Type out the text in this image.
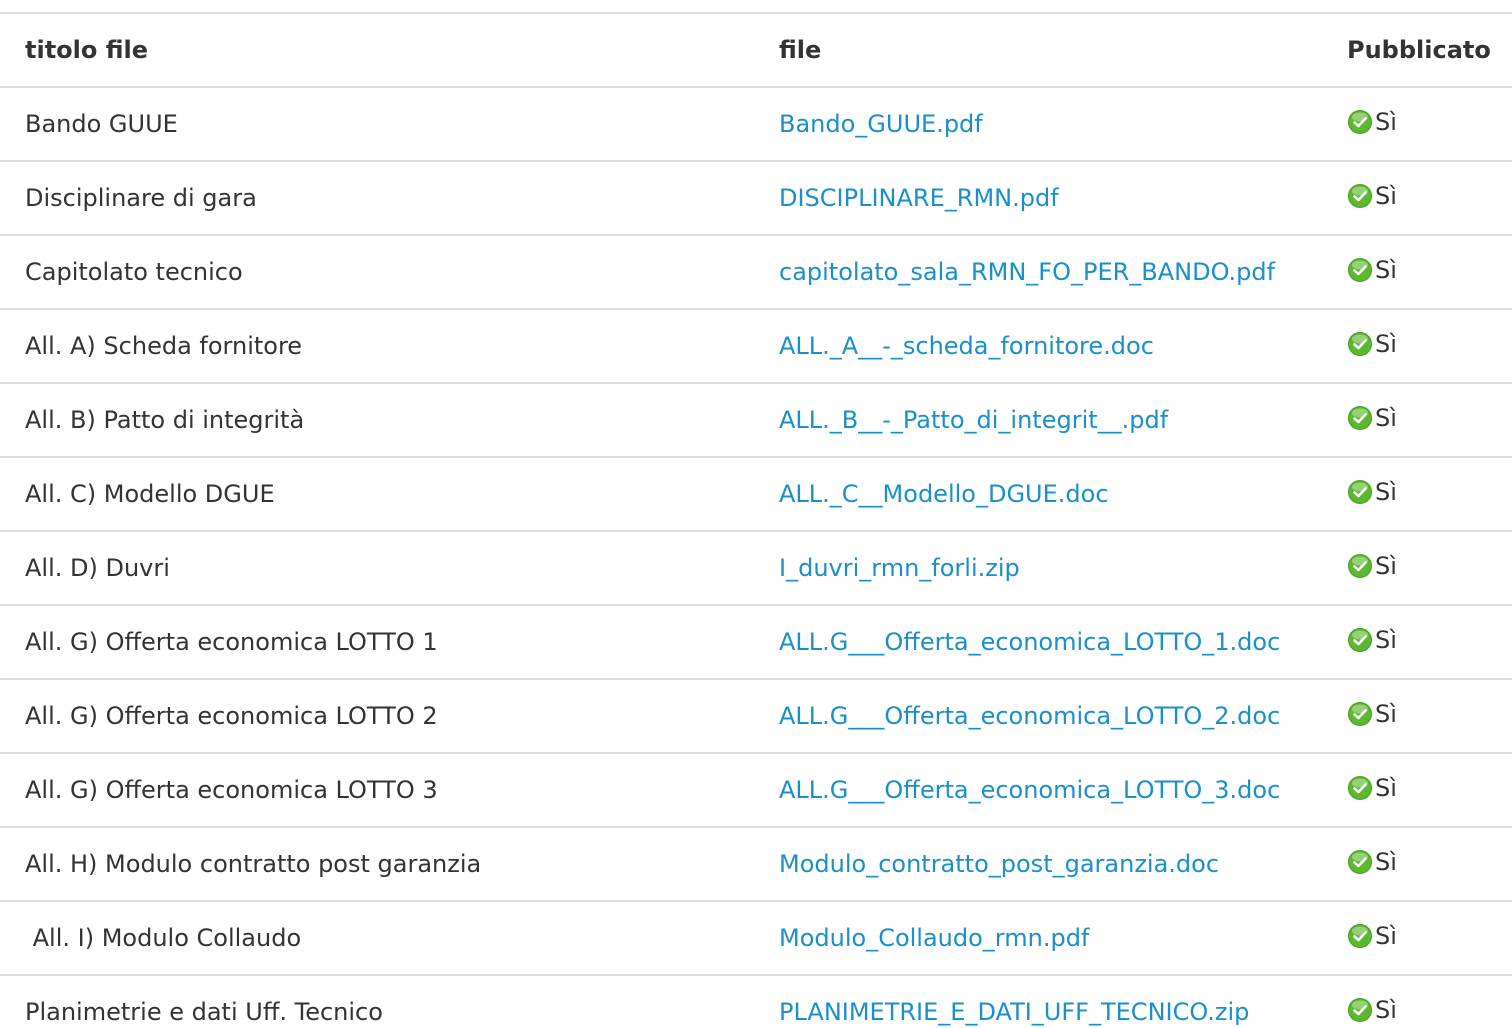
titolo file	file	Pubblicato
Bando GUUE	Bando_GUUE.pdf	Sì

Disciplinare di gara	DISCIPLINARE_RMN.pdf	Sì

Capitolato tecnico	capitolato_sala_RMN_FO_PER_BANDO.pdf	Sì

All. A) Scheda fornitore	ALL._A__-_scheda_fornitore.doc	Sì

All. B) Patto di integrità	ALL._B__-_Patto_di_integrit__.pdf	Sì

All. C) Modello DGUE	ALL._C__Modello_DGUE.doc	Sì

All. D) Duvri	I_duvri_rmn_forli.zip	Sì

All. G) Offerta economica LOTTO 1	ALL.G___Offerta_economica_LOTTO_1.doc	Sì

All. G) Offerta economica LOTTO 2	ALL.G___Offerta_economica_LOTTO_2.doc	Sì

All. G) Offerta economica LOTTO 3	ALL.G___Offerta_economica_LOTTO_3.doc	Sì

All. H) Modulo contratto post garanzia	Modulo_contratto_post_garanzia.doc	Sì

All. I) Modulo Collaudo	Modulo_Collaudo_rmn.pdf	Sì

Planimetrie e dati Uff. Tecnico	PLANIMETRIE_E_DATI_UFF_TECNICO.zip	Sì
